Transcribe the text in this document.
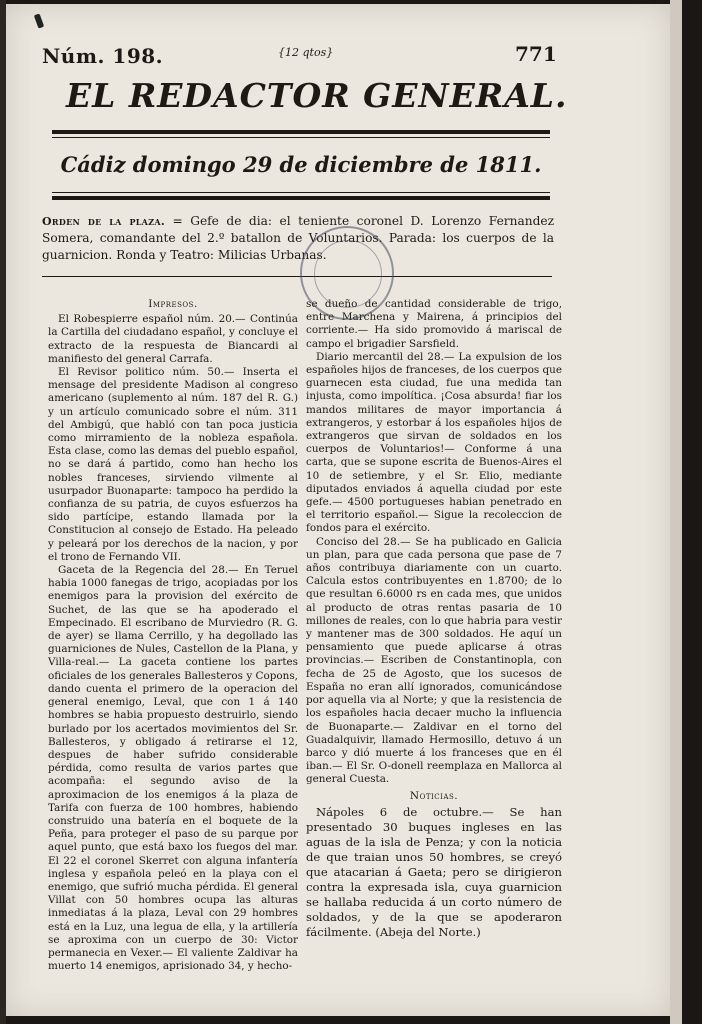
Núm. 198.	{12 qtos}	771
EL REDACTOR GENERAL.
Cádiz domingo 29 de diciembre de 1811.
Orden de la plaza. = Gefe de dia: el teniente coronel D. Lorenzo Fernandez Somera, comandante del 2.º batallon de Voluntarios. Parada: los cuerpos de la guarnicion. Ronda y Teatro: Milicias Urbanas.
Impresos.

El Robespierre español núm. 20.— Continúa la Cartilla del ciudadano español, y concluye el extracto de la respuesta de Biancardi al manifiesto del general Carrafa.

El Revisor politico núm. 50.— Inserta el mensage del presidente Madison al congreso americano (suplemento al núm. 187 del R. G.) y un artículo comunicado sobre el núm. 311 del Ambigú, que habló con tan poca justicia como mirramiento de la nobleza española. Esta clase, como las demas del pueblo español, no se dará á partido, como han hecho los nobles franceses, sirviendo vilmente al usurpador Buonaparte: tampoco ha perdido la confianza de su patria, de cuyos esfuerzos ha sido partícipe, estando llamada por la Constitucion al consejo de Estado. Ha peleado y peleará por los derechos de la nacion, y por el trono de Fernando VII.

Gaceta de la Regencia del 28.— En Teruel habia 1000 fanegas de trigo, acopiadas por los enemigos para la provision del exército de Suchet, de las que se ha apoderado el Empecinado. El escribano de Murviedro (R. G. de ayer) se llama Cerrillo, y ha degollado las guarniciones de Nules, Castellon de la Plana, y Villa-real.— La gaceta contiene los partes oficiales de los generales Ballesteros y Copons, dando cuenta el primero de la operacion del general enemigo, Leval, que con 1 á 140 hombres se habia propuesto destruirlo, siendo burlado por los acertados movimientos del Sr. Ballesteros, y obligado á retirarse el 12, despues de haber sufrido considerable pérdida, como resulta de varios partes que acompaña: el segundo aviso de la aproximacion de los enemigos á la plaza de Tarifa con fuerza de 100 hombres, habiendo construido una batería en el boquete de la Peña, para proteger el paso de su parque por aquel punto, que está baxo los fuegos del mar. El 22 el coronel Skerret con alguna infantería inglesa y española peleó en la playa con el enemigo, que sufrió mucha pérdida. El general Villat con 50 hombres ocupa las alturas inmediatas á la plaza, Leval con 29 hombres está en la Luz, una legua de ella, y la artillería se aproxima con un cuerpo de 30: Victor permanecia en Vexer.— El valiente Zaldivar ha muerto 14 enemigos, aprisionado 34, y hecho-

se dueño de cantidad considerable de trigo, entre Marchena y Mairena, á principios del corriente.— Ha sido promovido á mariscal de campo el brigadier Sarsfield.

Diario mercantil del 28.— La expulsion de los españoles hijos de franceses, de los cuerpos que guarnecen esta ciudad, fue una medida tan injusta, como impolítica. ¡Cosa absurda! fiar los mandos militares de mayor importancia á extrangeros, y estorbar á los españoles hijos de extrangeros que sirvan de soldados en los cuerpos de Voluntarios!— Conforme á una carta, que se supone escrita de Buenos-Aires el 10 de setiembre, y el Sr. Elio, mediante diputados enviados á aquella ciudad por este gefe.— 4500 portugueses habian penetrado en el territorio español.— Sigue la recoleccion de fondos para el exército.

Conciso del 28.— Se ha publicado en Galicia un plan, para que cada persona que pase de 7 años contribuya diariamente con un cuarto. Calcula estos contribuyentes en 1.8700; de lo que resultan 6.6000 rs en cada mes, que unidos al producto de otras rentas pasaria de 10 millones de reales, con lo que habria para vestir y mantener mas de 300 soldados. He aquí un pensamiento que puede aplicarse á otras provincias.— Escriben de Constantinopla, con fecha de 25 de Agosto, que los sucesos de España no eran allí ignorados, comunicándose por aquella via al Norte; y que la resistencia de los españoles hacia decaer mucho la influencia de Buonaparte.— Zaldivar en el torno del Guadalquivir, llamado Hermosillo, detuvo á un barco y dió muerte á los franceses que en él iban.— El Sr. O-donell reemplaza en Mallorca al general Cuesta.

Noticias.

Nápoles 6 de octubre.— Se han presentado 30 buques ingleses en las aguas de la isla de Penza; y con la noticia de que traian unos 50 hombres, se creyó que atacarian á Gaeta; pero se dirigieron contra la expresada isla, cuya guarnicion se hallaba reducida á un corto número de soldados, y de la que se apoderaron fácilmente. (Abeja del Norte.)
